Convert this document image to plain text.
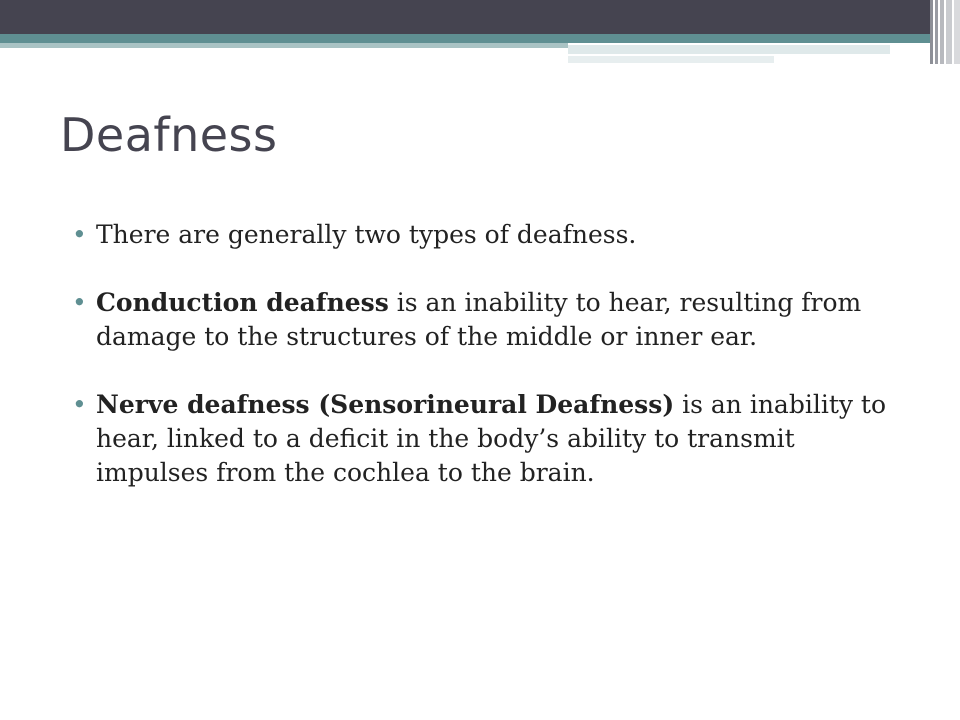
Deafness
• There are generally two types of deafness.
• Conduction deafness is an inability to hear, resulting from damage to the structures of the middle or inner ear.
• Nerve deafness (Sensorineural Deafness) is an inability to hear, linked to a deficit in the body’s ability to transmit impulses from the cochlea to the brain.
